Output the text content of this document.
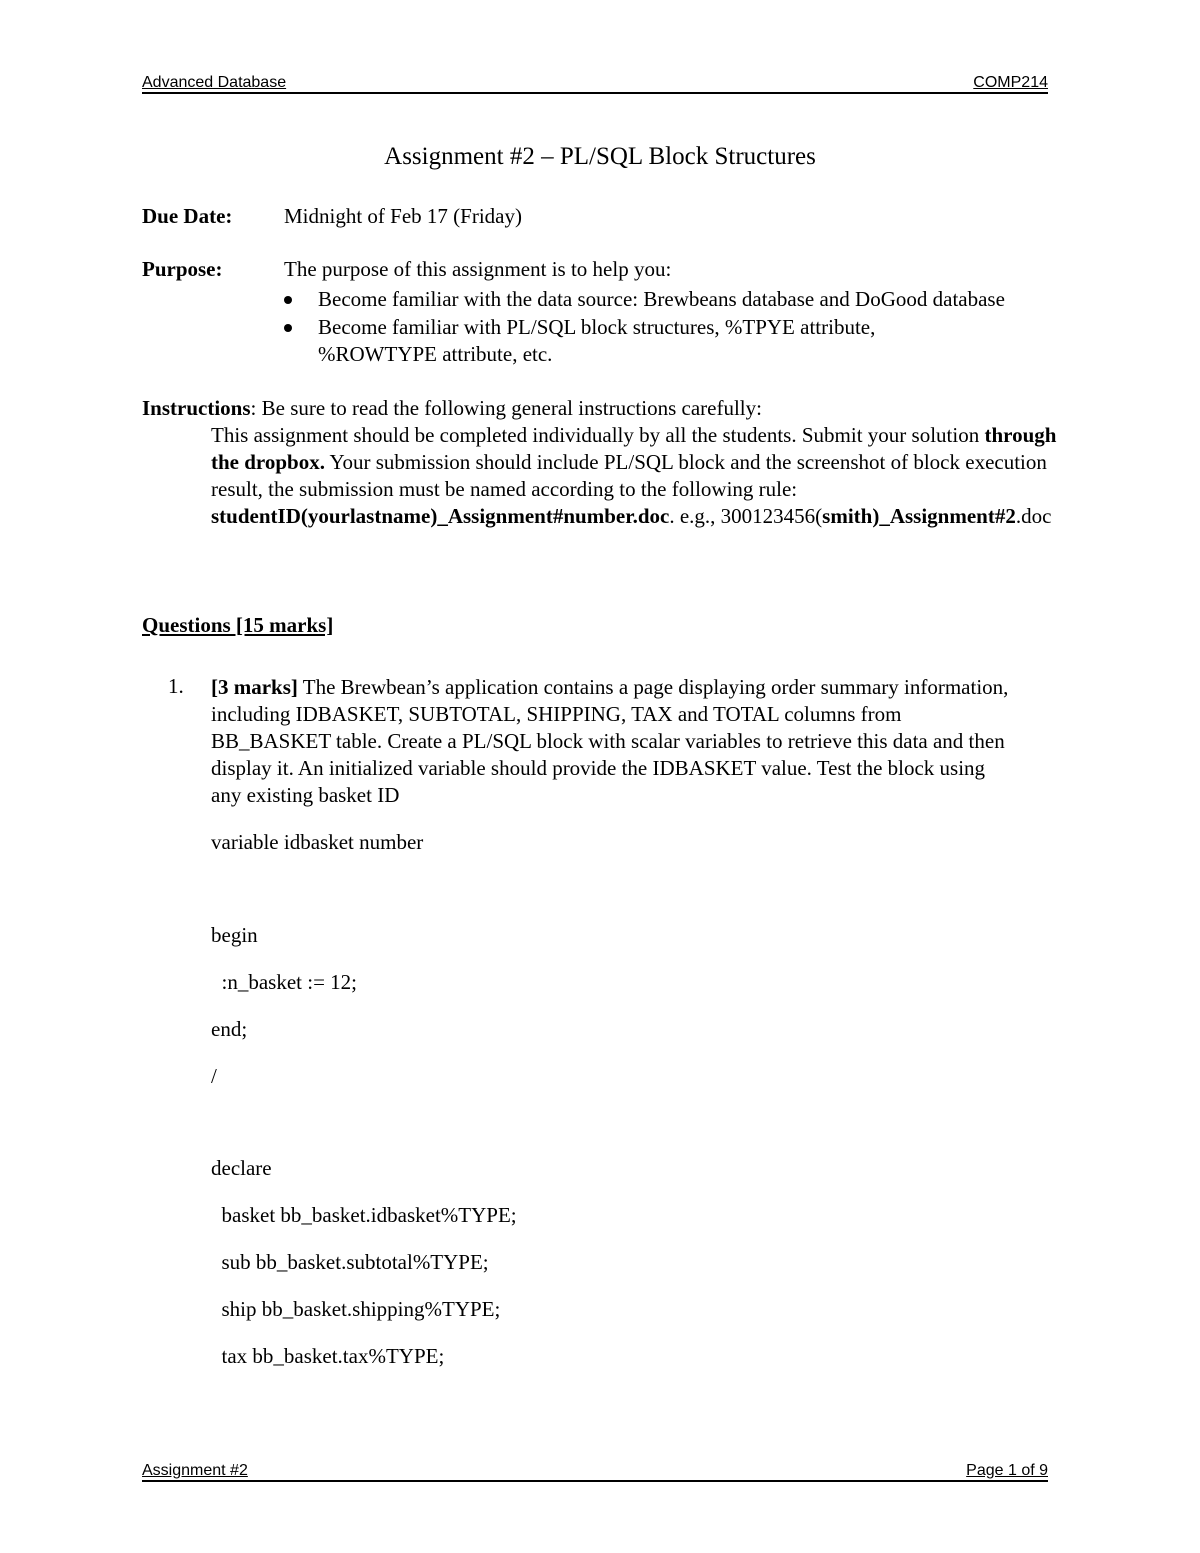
Advanced Database	COMP214
Assignment #2 – PL/SQL Block Structures
Due Date: Midnight of Feb 17 (Friday)
Purpose:	The purpose of this assignment is to help you:
Become familiar with the data source: Brewbeans database and DoGood database
Become familiar with PL/SQL block structures, %TPYE attribute, %ROWTYPE attribute, etc.
Instructions: Be sure to read the following general instructions carefully:
This assignment should be completed individually by all the students. Submit your solution through the dropbox. Your submission should include PL/SQL block and the screenshot of block execution result, the submission must be named according to the following rule: studentID(yourlastname)_Assignment#number.doc. e.g., 300123456(smith)_Assignment#2.doc
Questions [15 marks]
1. [3 marks] The Brewbean’s application contains a page displaying order summary information, including IDBASKET, SUBTOTAL, SHIPPING, TAX and TOTAL columns from BB_BASKET table. Create a PL/SQL block with scalar variables to retrieve this data and then display it. An initialized variable should provide the IDBASKET value. Test the block using any existing basket ID
variable idbasket number
begin
:n_basket := 12;
end;
/
declare
basket bb_basket.idbasket%TYPE;
sub bb_basket.subtotal%TYPE;
ship bb_basket.shipping%TYPE;
tax bb_basket.tax%TYPE;
Assignment #2	Page 1 of 9
